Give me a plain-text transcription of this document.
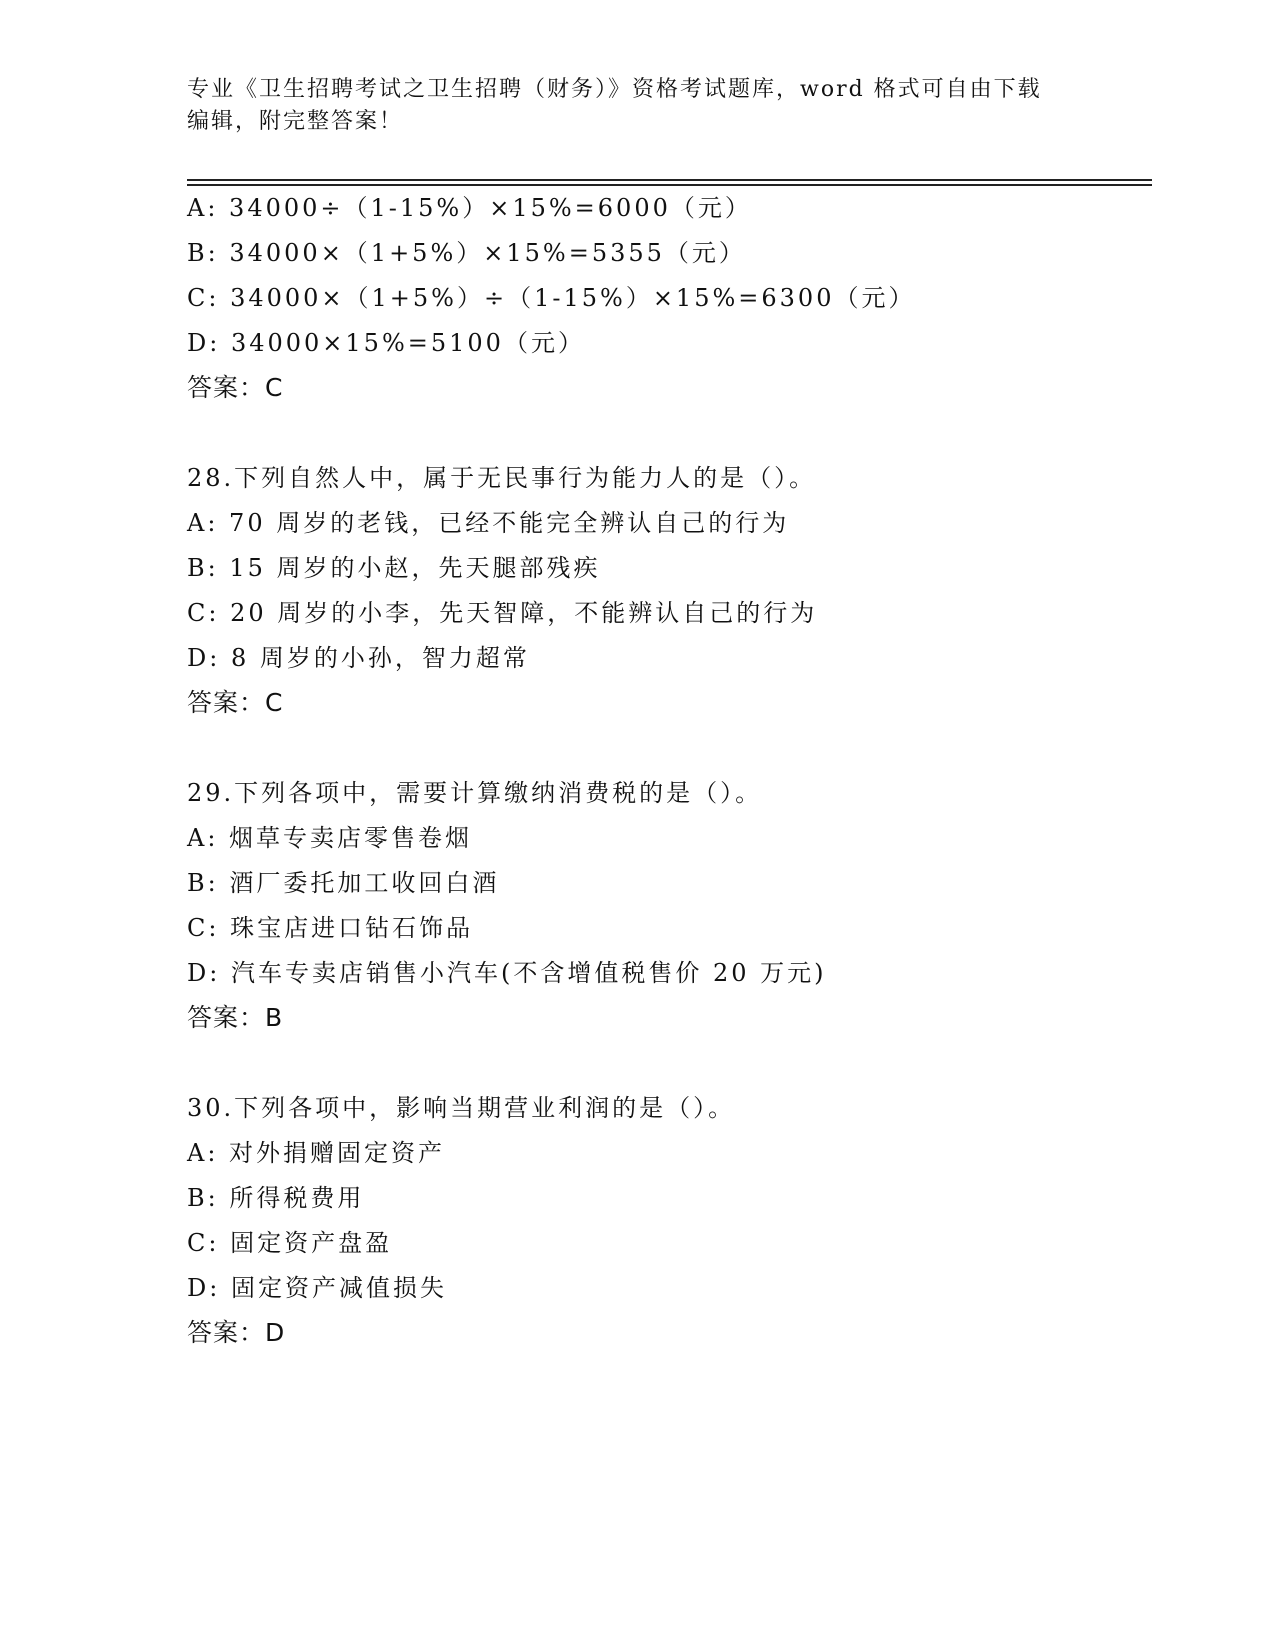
专业《卫生招聘考试之卫生招聘（财务）》资格考试题库，word 格式可自由下载
编辑，附完整答案！
A: 34000÷（1-15%）×15%=6000（元）
B: 34000×（1+5%）×15%=5355（元）
C: 34000×（1+5%）÷（1-15%）×15%=6300（元）
D: 34000×15%=5100（元）
答案：C
28.下列自然人中，属于无民事行为能力人的是（）。
A: 70 周岁的老钱，已经不能完全辨认自己的行为
B: 15 周岁的小赵，先天腿部残疾
C: 20 周岁的小李，先天智障，不能辨认自己的行为
D: 8 周岁的小孙，智力超常
答案：C
29.下列各项中，需要计算缴纳消费税的是（）。
A: 烟草专卖店零售卷烟
B: 酒厂委托加工收回白酒
C: 珠宝店进口钻石饰品
D: 汽车专卖店销售小汽车(不含增值税售价 20 万元)
答案：B
30.下列各项中，影响当期营业利润的是（）。
A: 对外捐赠固定资产
B: 所得税费用
C: 固定资产盘盈
D: 固定资产减值损失
答案：D
